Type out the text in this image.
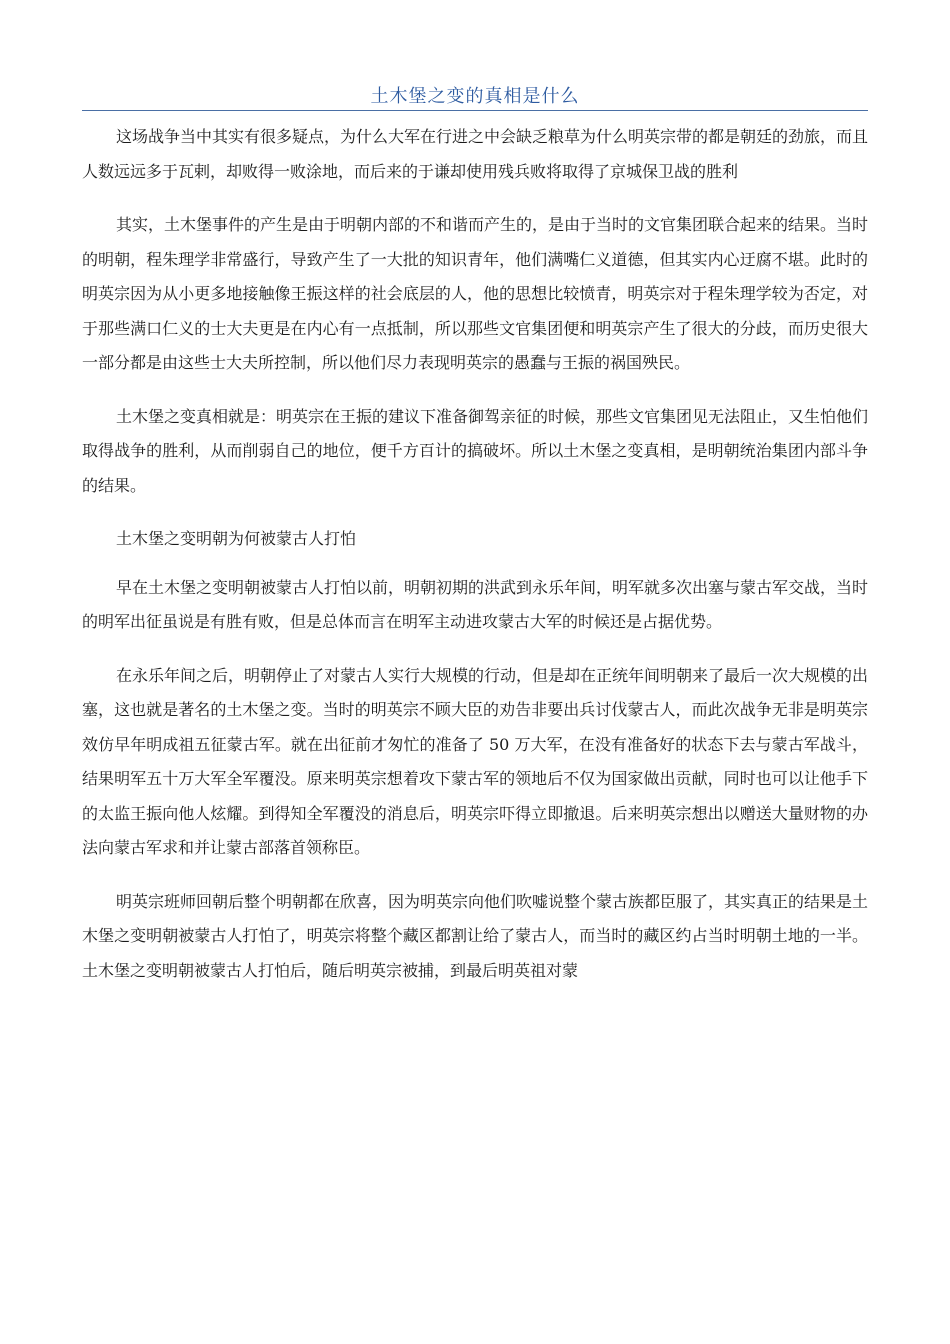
土木堡之变的真相是什么

这场战争当中其实有很多疑点，为什么大军在行进之中会缺乏粮草为什么明英宗带的都是朝廷的劲旅，而且人数远远多于瓦剌，却败得一败涂地，而后来的于谦却使用残兵败将取得了京城保卫战的胜利

其实，土木堡事件的产生是由于明朝内部的不和谐而产生的，是由于当时的文官集团联合起来的结果。当时的明朝，程朱理学非常盛行，导致产生了一大批的知识青年，他们满嘴仁义道德，但其实内心迂腐不堪。此时的明英宗因为从小更多地接触像王振这样的社会底层的人，他的思想比较愤青，明英宗对于程朱理学较为否定，对于那些满口仁义的士大夫更是在内心有一点抵制，所以那些文官集团便和明英宗产生了很大的分歧，而历史很大一部分都是由这些士大夫所控制，所以他们尽力表现明英宗的愚蠢与王振的祸国殃民。

土木堡之变真相就是：明英宗在王振的建议下准备御驾亲征的时候，那些文官集团见无法阻止，又生怕他们取得战争的胜利，从而削弱自己的地位，便千方百计的搞破坏。所以土木堡之变真相，是明朝统治集团内部斗争的结果。

土木堡之变明朝为何被蒙古人打怕

早在土木堡之变明朝被蒙古人打怕以前，明朝初期的洪武到永乐年间，明军就多次出塞与蒙古军交战，当时的明军出征虽说是有胜有败，但是总体而言在明军主动进攻蒙古大军的时候还是占据优势。

在永乐年间之后，明朝停止了对蒙古人实行大规模的行动，但是却在正统年间明朝来了最后一次大规模的出塞，这也就是著名的土木堡之变。当时的明英宗不顾大臣的劝告非要出兵讨伐蒙古人，而此次战争无非是明英宗效仿早年明成祖五征蒙古军。就在出征前才匆忙的准备了 50 万大军，在没有准备好的状态下去与蒙古军战斗，结果明军五十万大军全军覆没。原来明英宗想着攻下蒙古军的领地后不仅为国家做出贡献，同时也可以让他手下的太监王振向他人炫耀。到得知全军覆没的消息后，明英宗吓得立即撤退。后来明英宗想出以赠送大量财物的办法向蒙古军求和并让蒙古部落首领称臣。

明英宗班师回朝后整个明朝都在欣喜，因为明英宗向他们吹嘘说整个蒙古族都臣服了，其实真正的结果是土木堡之变明朝被蒙古人打怕了，明英宗将整个藏区都割让给了蒙古人，而当时的藏区约占当时明朝土地的一半。土木堡之变明朝被蒙古人打怕后，随后明英宗被捕，到最后明英祖对蒙
